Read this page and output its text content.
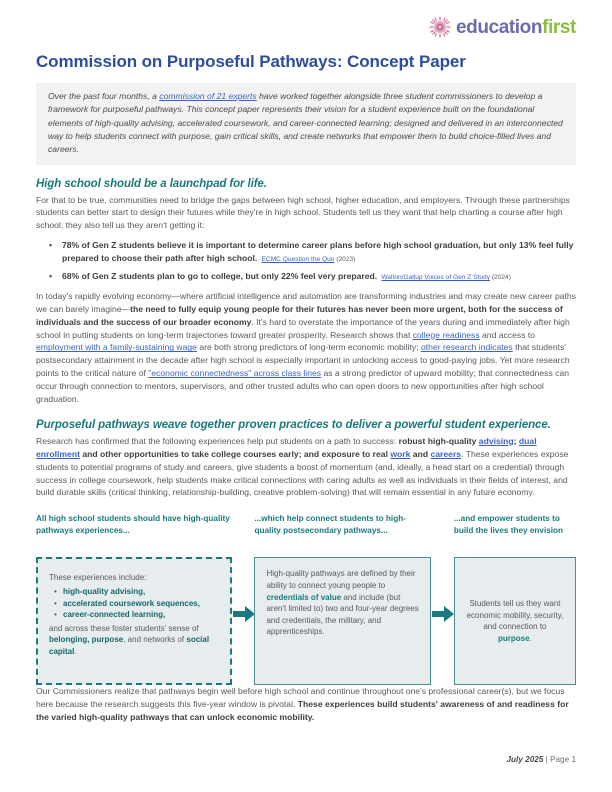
educationfirst
Commission on Purposeful Pathways: Concept Paper
Over the past four months, a commission of 21 experts have worked together alongside three student commissioners to develop a framework for purposeful pathways. This concept paper represents their vision for a student experience built on the foundational elements of high-quality advising, accelerated coursework, and career-connected learning; designed and delivered in an interconnected way to help students connect with purpose, gain critical skills, and create networks that empower them to build choice-filled lives and careers.
High school should be a launchpad for life.

For that to be true, communities need to bridge the gaps between high school, higher education, and employers. Through these partnerships students can better start to design their futures while they're in high school. Students tell us they want that help charting a course after high school; they also tell us they aren't getting it:

• 78% of Gen Z students believe it is important to determine career plans before high school graduation, but only 13% feel fully prepared to choose their path after high school. ECMC Question the Quo (2023)
• 68% of Gen Z students plan to go to college, but only 22% feel very prepared. Walton/Gallup Voices of Gen Z Study (2024)

In today's rapidly evolving economy—where artificial intelligence and automation are transforming industries and may create new career paths we can barely imagine—the need to fully equip young people for their futures has never been more urgent, both for the success of individuals and the success of our broader economy. It's hard to overstate the importance of the years during and immediately after high school in putting students on long-term trajectories toward greater prosperity. Research shows that college readiness and access to employment with a family-sustaining wage are both strong predictors of long-term economic mobility; other research indicates that students' postsecondary attainment in the decade after high school is especially important in unlocking access to good-paying jobs. Yet more research points to the critical nature of "economic connectedness" across class lines as a strong predictor of upward mobility; that connectedness can occur through connection to mentors, supervisors, and other trusted adults who can open doors to new opportunities after high school graduation.

Purposeful pathways weave together proven practices to deliver a powerful student experience.

Research has confirmed that the following experiences help put students on a path to success: robust high-quality advising; dual enrollment and other opportunities to take college courses early; and exposure to real work and careers. These experiences expose students to potential programs of study and careers, give students a boost of momentum (and, ideally, a head start on a credential) through success in college coursework, help students make critical connections with caring adults as well as individuals in their fields of interest, and build durable skills (critical thinking, relationship-building, creative problem-solving) that will remain essential in any future economy.

All high school students should have high-quality pathways experiences...
These experiences include:
• high-quality advising,
• accelerated coursework sequences,
• career-connected learning,
and across these foster students' sense of belonging, purpose, and networks of social capital.
...which help connect students to high-quality postsecondary pathways...
High-quality pathways are defined by their ability to connect young people to credentials of value and include (but aren't limited to) two and four-year degrees and credentials, the military, and apprenticeships.
...and empower students to build the lives they envision
Students tell us they want economic mobility, security, and connection to purpose.

Our Commissioners realize that pathways begin well before high school and continue throughout one's professional career(s), but we focus here because the research suggests this five-year window is pivotal. These experiences build students' awareness of and readiness for the varied high-quality pathways that can unlock economic mobility.

July 2025 | Page 1
